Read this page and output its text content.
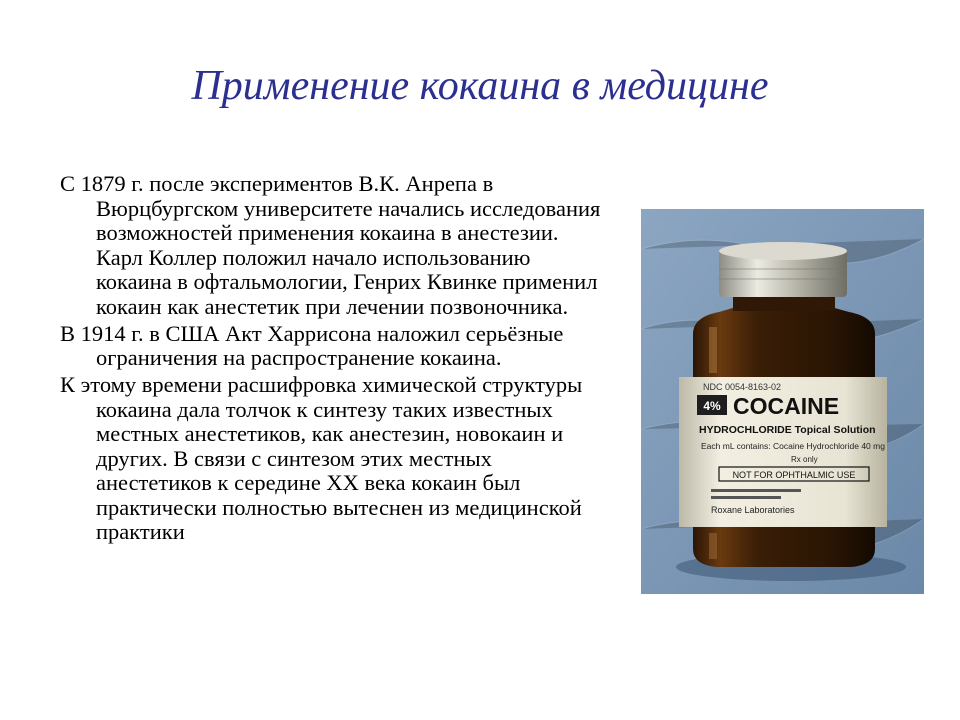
Применение кокаина в медицине

С 1879 г. после экспериментов В.К. Анрепа в Вюрцбургском университете начались исследования возможностей применения кокаина в анестезии. Карл Коллер положил начало использованию кокаина в офтальмологии, Генрих Квинке применил кокаин как анестетик при лечении позвоночника.

В 1914 г. в США Акт Харрисона наложил серьёзные ограничения на распространение кокаина.

К этому времени расшифровка химической структуры кокаина дала толчок к синтезу таких известных местных анестетиков, как анестезин, новокаин и других. В связи с синтезом этих местных анестетиков к середине XX века кокаин был практически полностью вытеснен из медицинской практики

NDC 0054-8163-02
4% COCAINE
HYDROCHLORIDE Topical Solution
Each mL contains: Cocaine Hydrochloride 40 mg
Rx only
NOT FOR OPHTHALMIC USE
Roxane Laboratories
